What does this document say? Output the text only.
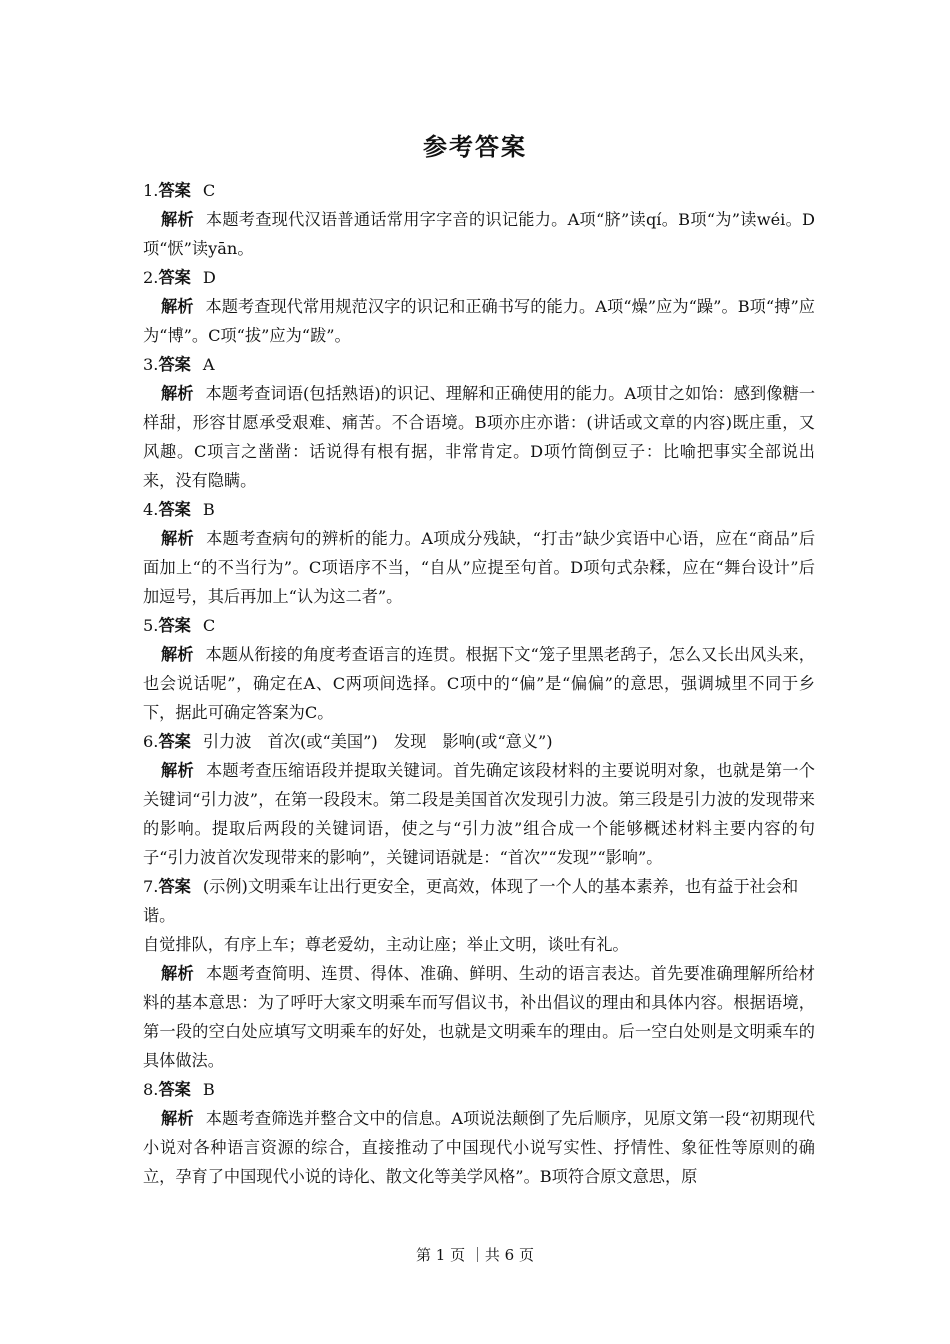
参考答案

1.答案 C

解析 本题考查现代汉语普通话常用字字音的识记能力。A项“脐”读qí。B项“为”读wéi。D项“恹”读yān。

2.答案 D

解析 本题考查现代常用规范汉字的识记和正确书写的能力。A项“燥”应为“躁”。B项“搏”应为“博”。C项“拔”应为“跋”。

3.答案 A

解析 本题考查词语(包括熟语)的识记、理解和正确使用的能力。A项甘之如饴：感到像糖一样甜，形容甘愿承受艰难、痛苦。不合语境。B项亦庄亦谐：(讲话或文章的内容)既庄重，又风趣。C项言之凿凿：话说得有根有据，非常肯定。D项竹筒倒豆子：比喻把事实全部说出来，没有隐瞒。

4.答案 B

解析 本题考查病句的辨析的能力。A项成分残缺，“打击”缺少宾语中心语，应在“商品”后面加上“的不当行为”。C项语序不当，“自从”应提至句首。D项句式杂糅，应在“舞台设计”后加逗号，其后再加上“认为这二者”。

5.答案 C

解析 本题从衔接的角度考查语言的连贯。根据下文“笼子里黑老鸹子，怎么又长出风头来，也会说话呢”，确定在A、C两项间选择。C项中的“偏”是“偏偏”的意思，强调城里不同于乡下，据此可确定答案为C。

6.答案 引力波　首次(或“美国”)　发现　影响(或“意义”)

解析 本题考查压缩语段并提取关键词。首先确定该段材料的主要说明对象，也就是第一个关键词“引力波”，在第一段段末。第二段是美国首次发现引力波。第三段是引力波的发现带来的影响。提取后两段的关键词语，使之与“引力波”组合成一个能够概述材料主要内容的句子“引力波首次发现带来的影响”，关键词语就是：“首次”“发现”“影响”。

7.答案 (示例)文明乘车让出行更安全，更高效，体现了一个人的基本素养，也有益于社会和谐。

自觉排队，有序上车；尊老爱幼，主动让座；举止文明，谈吐有礼。

解析 本题考查简明、连贯、得体、准确、鲜明、生动的语言表达。首先要准确理解所给材料的基本意思：为了呼吁大家文明乘车而写倡议书，补出倡议的理由和具体内容。根据语境，第一段的空白处应填写文明乘车的好处，也就是文明乘车的理由。后一空白处则是文明乘车的具体做法。

8.答案 B

解析 本题考查筛选并整合文中的信息。A项说法颠倒了先后顺序，见原文第一段“初期现代小说对各种语言资源的综合，直接推动了中国现代小说写实性、抒情性、象征性等原则的确立，孕育了中国现代小说的诗化、散文化等美学风格”。B项符合原文意思，原

第 1 页 ｜共 6 页
